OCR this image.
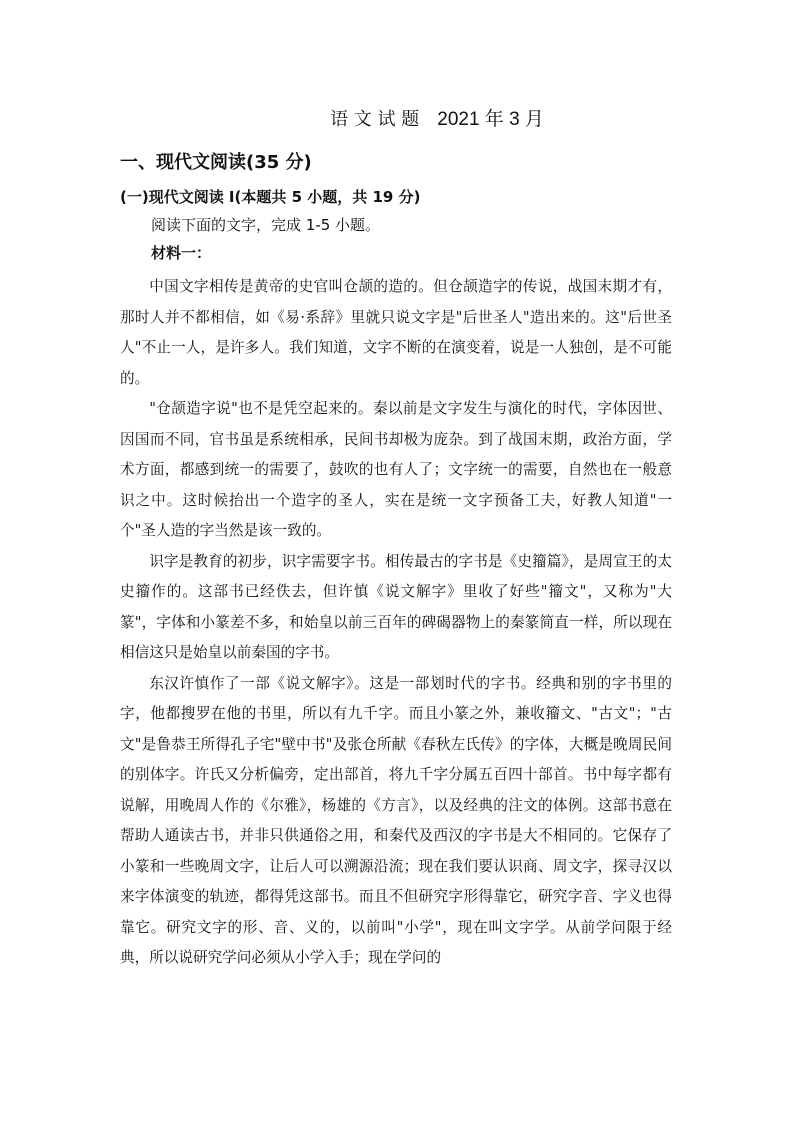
语 文 试 题 2021 年 3 月
一、现代文阅读(35 分)
(一)现代文阅读 I(本题共 5 小题，共 19 分)
阅读下面的文字，完成 1-5 小题。
材料一：

中国文字相传是黄帝的史官叫仓颉的造的。但仓颉造字的传说，战国末期才有，那时人并不都相信，如《易·系辞》里就只说文字是"后世圣人"造出来的。这"后世圣人"不止一人，是许多人。我们知道，文字不断的在演变着，说是一人独创，是不可能的。

"仓颉造字说"也不是凭空起来的。秦以前是文字发生与演化的时代，字体因世、因国而不同，官书虽是系统相承，民间书却极为庞杂。到了战国末期，政治方面，学术方面，都感到统一的需要了，鼓吹的也有人了；文字统一的需要，自然也在一般意识之中。这时候抬出一个造字的圣人，实在是统一文字预备工夫，好教人知道"一个"圣人造的字当然是该一致的。

识字是教育的初步，识字需要字书。相传最古的字书是《史籀篇》，是周宣王的太史籀作的。这部书已经佚去，但许慎《说文解字》里收了好些"籀文"，又称为"大篆"，字体和小篆差不多，和始皇以前三百年的碑碣器物上的秦篆简直一样，所以现在相信这只是始皇以前秦国的字书。

东汉许慎作了一部《说文解字》。这是一部划时代的字书。经典和别的字书里的字，他都搜罗在他的书里，所以有九千字。而且小篆之外，兼收籀文、"古文"；"古文"是鲁恭王所得孔子宅"壁中书"及张仓所献《春秋左氏传》的字体，大概是晚周民间的别体字。许氏又分析偏旁，定出部首，将九千字分属五百四十部首。书中每字都有说解，用晚周人作的《尔雅》，杨雄的《方言》，以及经典的注文的体例。这部书意在帮助人通读古书，并非只供通俗之用，和秦代及西汉的字书是大不相同的。它保存了小篆和一些晚周文字，让后人可以溯源沿流；现在我们要认识商、周文字，探寻汉以来字体演变的轨迹，都得凭这部书。而且不但研究字形得靠它，研究字音、字义也得靠它。研究文字的形、音、义的，以前叫"小学"，现在叫文字学。从前学问限于经典，所以说研究学问必须从小学入手；现在学问的
